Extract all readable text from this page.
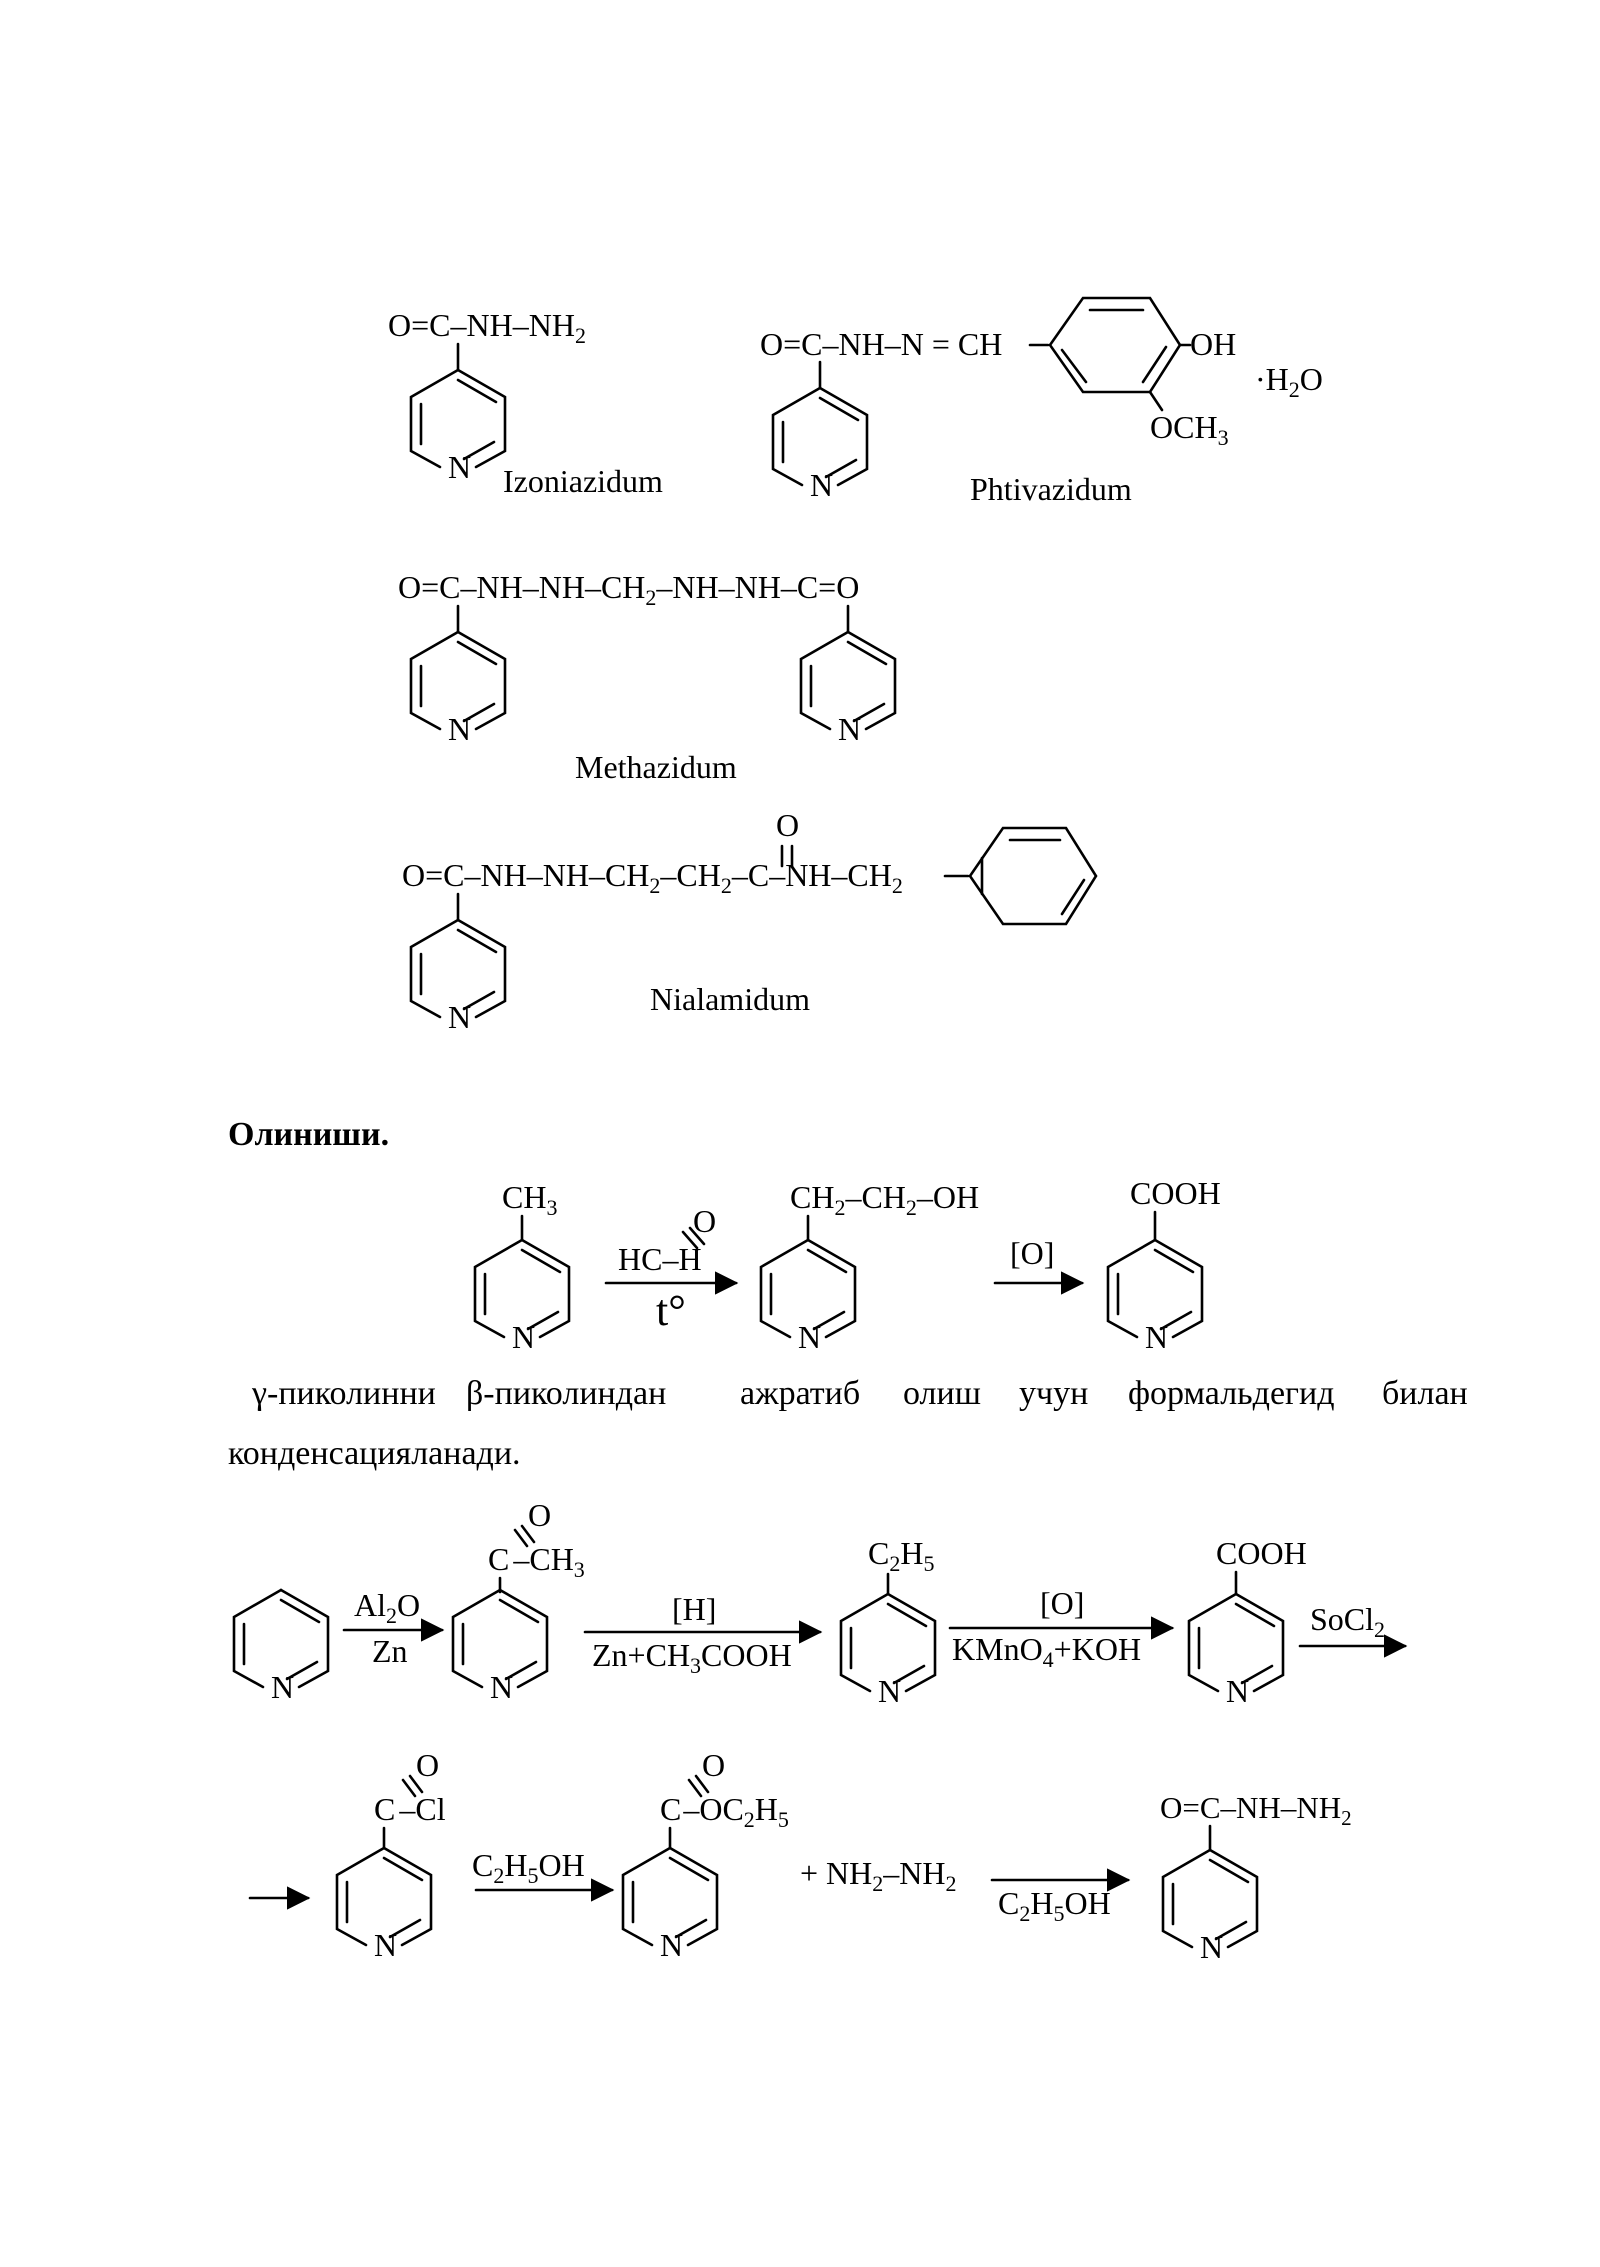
$O=C-NH-NH_2$
N Izoniazidum
O=C–NH–N = CH	OH
$OCH_3$
$\cdot H_2O$
N	Phtivazidum
$O=C-NH-NH-CH_2-NH-NH-C=O$
N	N
Methazidum
O
$O=C-NH-NH-CH_2-CH_2-C-NH-CH_2$
N	Nialamidum
Олиниши.
$CH_3$
N
O
HC–H
t°
$CH_2-CH_2-OH$
N
[O]
COOH
N
γ-пиколинни β-пиколиндан ажратиб олиш учун формальдегид билан
конденсацияланади.
N
$Al_2O$
Zn
O
C $-CH_3$
N
[H]
$Zn+CH_3COOH$
$C_2H_5$
N
[O]
KMnO$_4$+KOH
COOH
N
SoCl$_2$
O
C –Cl
N
$C_2H_5OH$
O
$C-OC_2H_5$
N
+ $NH_2-NH_2$
$C_2H_5OH$
$O=C-NH-NH_2$
N
